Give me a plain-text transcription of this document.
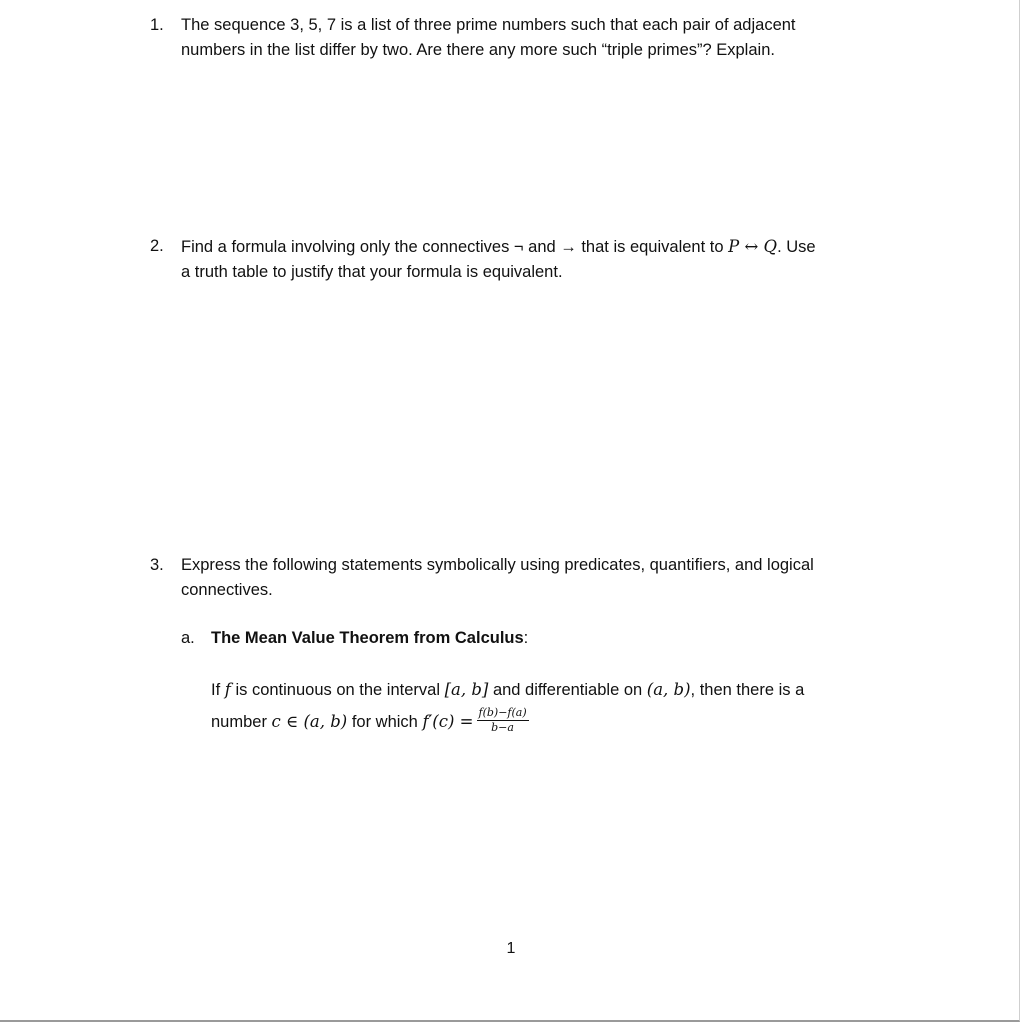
1.	The sequence 3, 5, 7 is a list of three prime numbers such that each pair of adjacent
numbers in the list differ by two. Are there any more such “triple primes”? Explain.
2.	Find a formula involving only the connectives ¬ and → that is equivalent to P ↔ Q. Use
a truth table to justify that your formula is equivalent.
3.	Express the following statements symbolically using predicates, quantifiers, and logical
connectives.
a. The Mean Value Theorem from Calculus:
If f is continuous on the interval [a, b] and differentiable on (a, b), then there is a
number c ∈ (a, b) for which $f'(c) = \frac{f(b)-f(a)}{b-a}$
1
